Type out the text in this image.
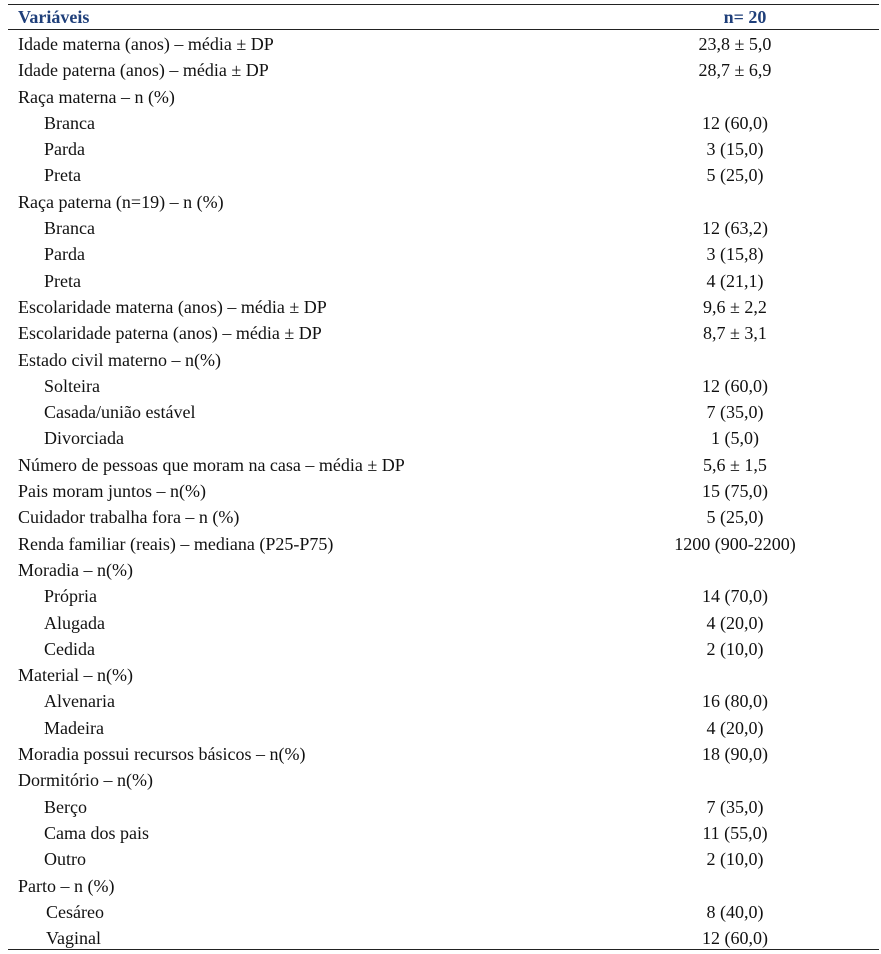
Variáveis	n= 20
Idade materna (anos) – média ± DP	23,8 ± 5,0
Idade paterna (anos) – média ± DP	28,7 ± 6,9
Raça materna – n (%)
Branca	12 (60,0)
Parda	3 (15,0)
Preta	5 (25,0)
Raça paterna (n=19) – n (%)
Branca	12 (63,2)
Parda	3 (15,8)
Preta	4 (21,1)
Escolaridade materna (anos) – média ± DP	9,6 ± 2,2
Escolaridade paterna (anos) – média ± DP	8,7 ± 3,1
Estado civil materno – n(%)
Solteira	12 (60,0)
Casada/união estável	7 (35,0)
Divorciada	1 (5,0)
Número de pessoas que moram na casa – média ± DP	5,6 ± 1,5
Pais moram juntos – n(%)	15 (75,0)
Cuidador trabalha fora – n (%)	5 (25,0)
Renda familiar (reais) – mediana (P25-P75)	1200 (900-2200)
Moradia – n(%)
Própria	14 (70,0)
Alugada	4 (20,0)
Cedida	2 (10,0)
Material – n(%)
Alvenaria	16 (80,0)
Madeira	4 (20,0)
Moradia possui recursos básicos – n(%)	18 (90,0)
Dormitório – n(%)
Berço	7 (35,0)
Cama dos pais	11 (55,0)
Outro	2 (10,0)
Parto – n (%)
Cesáreo	8 (40,0)
Vaginal	12 (60,0)
